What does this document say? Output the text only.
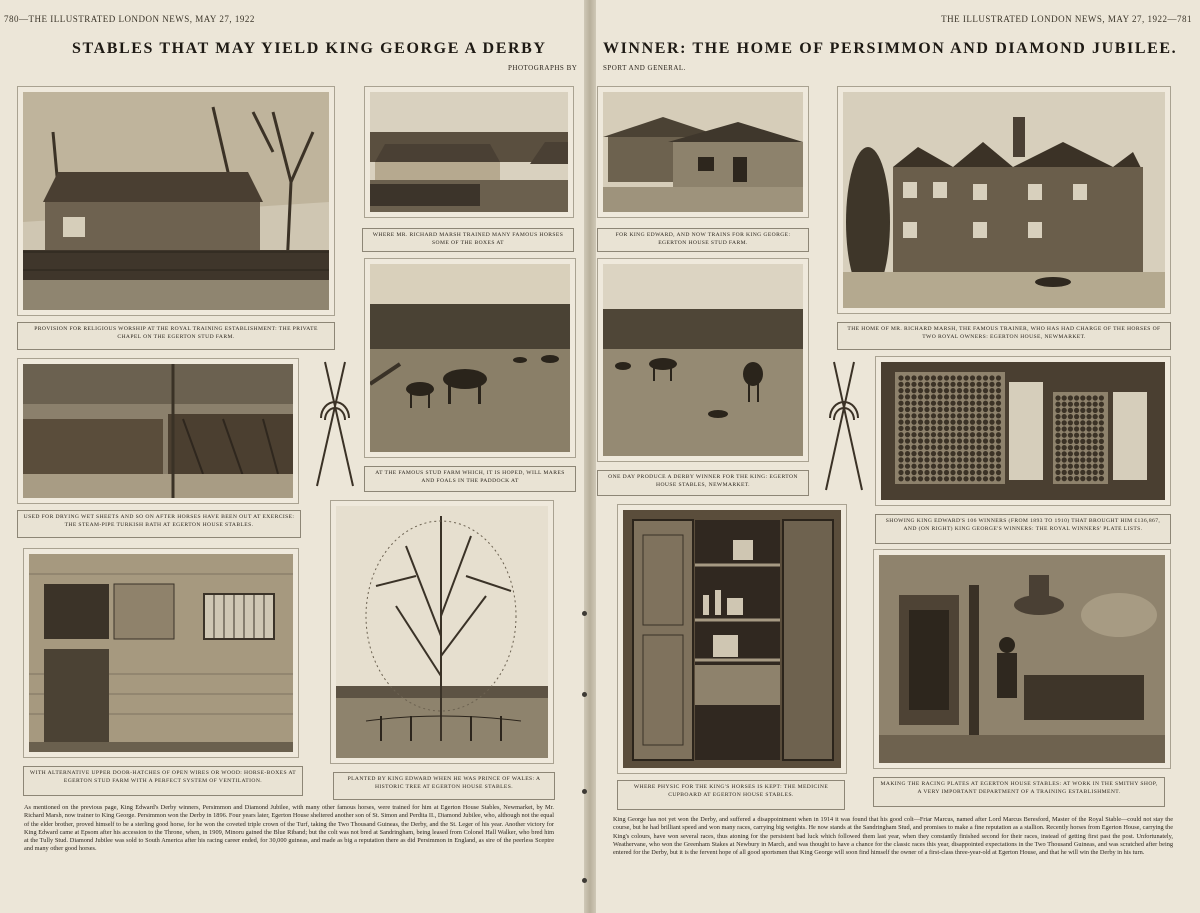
780—THE ILLUSTRATED LONDON NEWS, MAY 27, 1922	THE ILLUSTRATED LONDON NEWS, MAY 27, 1922—781
STABLES THAT MAY YIELD KING GEORGE A DERBY	WINNER: THE HOME OF PERSIMMON AND DIAMOND JUBILEE.
PHOTOGRAPHS BY	SPORT AND GENERAL.
PROVISION FOR RELIGIOUS WORSHIP AT THE ROYAL TRAINING ESTABLISHMENT: THE PRIVATE CHAPEL ON THE EGERTON STUD FARM.
WHERE MR. RICHARD MARSH TRAINED MANY FAMOUS HORSES SOME OF THE BOXES AT
USED FOR DRYING WET SHEETS AND SO ON AFTER HORSES HAVE BEEN OUT AT EXERCISE: THE STEAM-PIPE TURKISH BATH AT EGERTON HOUSE STABLES.
AT THE FAMOUS STUD FARM WHICH, IT IS HOPED, WILL MARES AND FOALS IN THE PADDOCK AT
WITH ALTERNATIVE UPPER DOOR-HATCHES OF OPEN WIRES OR WOOD: HORSE-BOXES AT EGERTON STUD FARM WITH A PERFECT SYSTEM OF VENTILATION.	PLANTED BY KING EDWARD WHEN HE WAS PRINCE OF WALES: A HISTORIC TREE AT EGERTON HOUSE STABLES.
As mentioned on the previous page, King Edward's Derby winners, Persimmon and Diamond Jubilee, with many other famous horses, were trained for him at Egerton House Stables, Newmarket, by Mr. Richard Marsh, now trainer to King George. Persimmon won the Derby in 1896. Four years later, Egerton House sheltered another son of St. Simon and Perdita II., Diamond Jubilee, who, although not the equal of the elder brother, proved himself to be a sterling good horse, for he won the coveted triple crown of the Turf, taking the Two Thousand Guineas, the Derby, and the St. Leger of his year. Another victory for King Edward came at Epsom after his accession to the Throne, when, in 1909, Minoru gained the Blue Riband; but the colt was not bred at Sandringham, being leased from Colonel Hall Walker, who bred him at the Tully Stud. Diamond Jubilee was sold to South America after his racing career ended, for 30,000 guineas, and made as big a reputation there as did Persimmon in England, as sire of the peerless Sceptre and many other good horses.
FOR KING EDWARD, AND NOW TRAINS FOR KING GEORGE: EGERTON HOUSE STUD FARM.
THE HOME OF MR. RICHARD MARSH, THE FAMOUS TRAINER, WHO HAS HAD CHARGE OF THE HORSES OF TWO ROYAL OWNERS: EGERTON HOUSE, NEWMARKET.
ONE DAY PRODUCE A DERBY WINNER FOR THE KING: EGERTON HOUSE STABLES, NEWMARKET.
SHOWING KING EDWARD'S 106 WINNERS (FROM 1893 TO 1910) THAT BROUGHT HIM £136,867, AND (ON RIGHT) KING GEORGE'S WINNERS: THE ROYAL WINNERS' PLATE LISTS.
WHERE PHYSIC FOR THE KING'S HORSES IS KEPT: THE MEDICINE CUPBOARD AT EGERTON HOUSE STABLES.
MAKING THE RACING PLATES AT EGERTON HOUSE STABLES: AT WORK IN THE SMITHY SHOP, A VERY IMPORTANT DEPARTMENT OF A TRAINING ESTABLISHMENT.
King George has not yet won the Derby, and suffered a disappointment when in 1914 it was found that his good colt—Friar Marcus, named after Lord Marcus Beresford, Master of the Royal Stable—could not stay the course, but he had brilliant speed and won many races, carrying big weights. He now stands at the Sandringham Stud, and promises to make a fine reputation as a stallion. Recently horses from Egerton House, carrying the King's colours, have won several races, thus atoning for the persistent bad luck which followed them last year, when they constantly finished second for their races, instead of getting first past the post. Unfortunately, Weathervane, who won the Greenham Stakes at Newbury in March, and was thought to have a chance for the classic races this year, disappointed expectations in the Two Thousand Guineas, and was scratched after being entered for the Derby, but it is the fervent hope of all good sportsmen that King George will soon find himself the owner of a first-class three-year-old at Egerton House, and that he will win the Derby in his turn.
